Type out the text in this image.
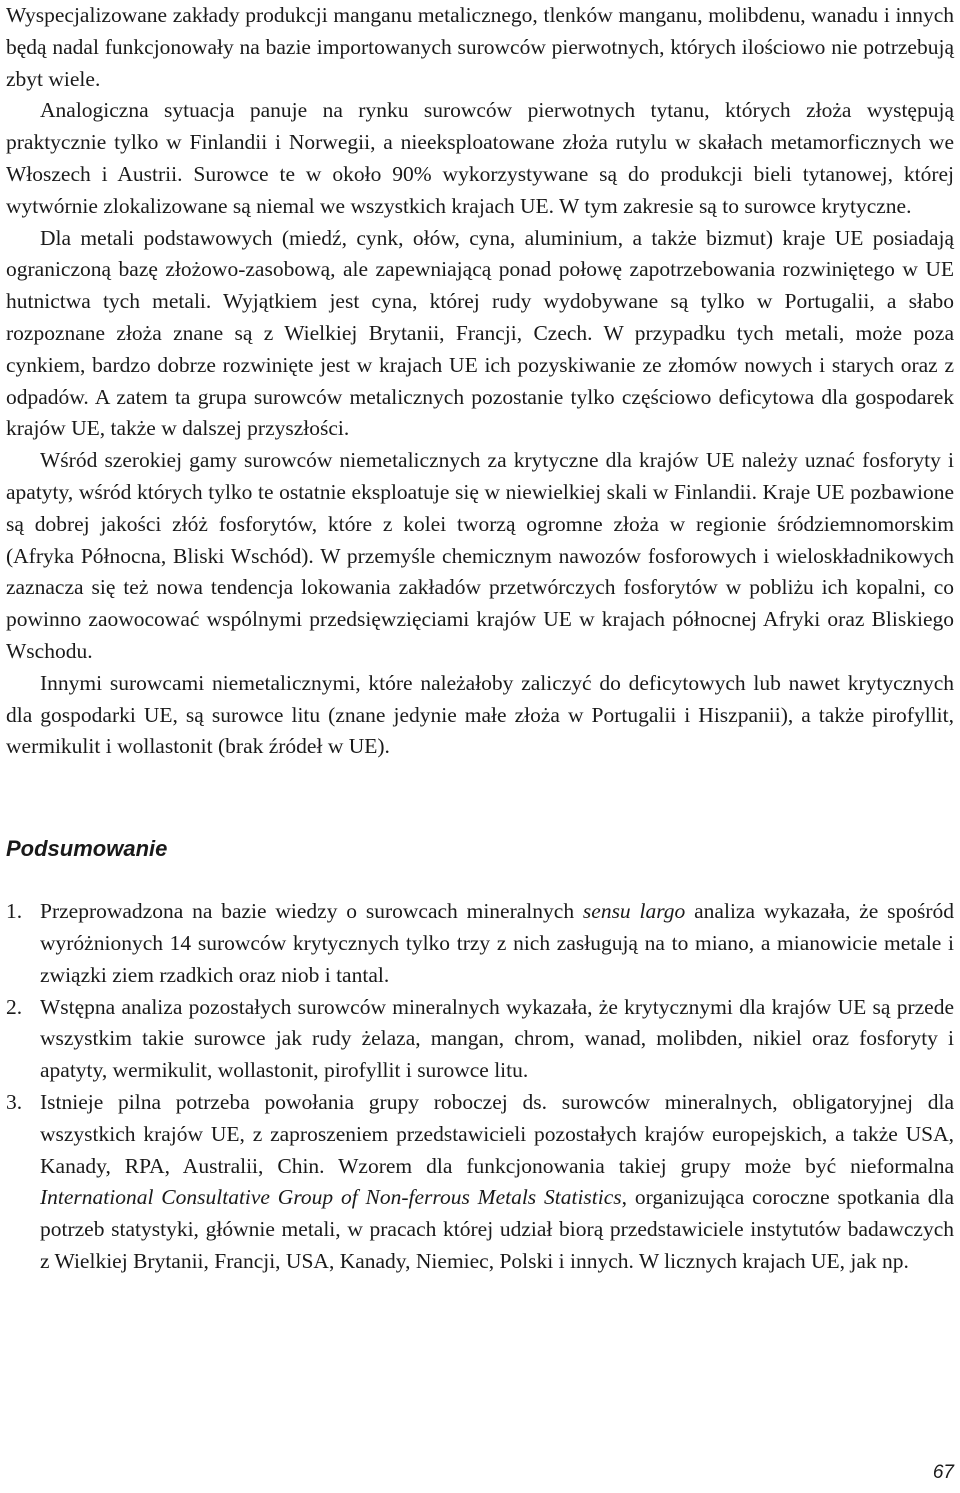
Wyspecjalizowane zakłady produkcji manganu metalicznego, tlenków manganu, molibdenu, wanadu i innych będą nadal funkcjonowały na bazie importowanych surowców pierwotnych, których ilościowo nie potrzebują zbyt wiele.

Analogiczna sytuacja panuje na rynku surowców pierwotnych tytanu, których złoża występują praktycznie tylko w Finlandii i Norwegii, a nieeksploatowane złoża rutylu w skałach metamorficznych we Włoszech i Austrii. Surowce te w około 90% wykorzystywane są do produkcji bieli tytanowej, której wytwórnie zlokalizowane są niemal we wszystkich krajach UE. W tym zakresie są to surowce krytyczne.

Dla metali podstawowych (miedź, cynk, ołów, cyna, aluminium, a także bizmut) kraje UE posiadają ograniczoną bazę złożowo-zasobową, ale zapewniającą ponad połowę zapotrzebowania rozwiniętego w UE hutnictwa tych metali. Wyjątkiem jest cyna, której rudy wydobywane są tylko w Portugalii, a słabo rozpoznane złoża znane są z Wielkiej Brytanii, Francji, Czech. W przypadku tych metali, może poza cynkiem, bardzo dobrze rozwinięte jest w krajach UE ich pozyskiwanie ze złomów nowych i starych oraz z odpadów. A zatem ta grupa surowców metalicznych pozostanie tylko częściowo deficytowa dla gospodarek krajów UE, także w dalszej przyszłości.

Wśród szerokiej gamy surowców niemetalicznych za krytyczne dla krajów UE należy uznać fosforyty i apatyty, wśród których tylko te ostatnie eksploatuje się w niewielkiej skali w Finlandii. Kraje UE pozbawione są dobrej jakości złóż fosforytów, które z kolei tworzą ogromne złoża w regionie śródziemnomorskim (Afryka Północna, Bliski Wschód). W przemyśle chemicznym nawozów fosforowych i wieloskładnikowych zaznacza się też nowa tendencja lokowania zakładów przetwórczych fosforytów w pobliżu ich kopalni, co powinno zaowocować wspólnymi przedsięwzięciami krajów UE w krajach północnej Afryki oraz Bliskiego Wschodu.

Innymi surowcami niemetalicznymi, które należałoby zaliczyć do deficytowych lub nawet krytycznych dla gospodarki UE, są surowce litu (znane jedynie małe złoża w Portugalii i Hiszpanii), a także pirofyllit, wermikulit i wollastonit (brak źródeł w UE).

Podsumowanie
1. Przeprowadzona na bazie wiedzy o surowcach mineralnych sensu largo analiza wykazała, że spośród wyróżnionych 14 surowców krytycznych tylko trzy z nich zasługują na to miano, a mianowicie metale i związki ziem rzadkich oraz niob i tantal.
2. Wstępna analiza pozostałych surowców mineralnych wykazała, że krytycznymi dla krajów UE są przede wszystkim takie surowce jak rudy żelaza, mangan, chrom, wanad, molibden, nikiel oraz fosforyty i apatyty, wermikulit, wollastonit, pirofyllit i surowce litu.
3. Istnieje pilna potrzeba powołania grupy roboczej ds. surowców mineralnych, obligatoryjnej dla wszystkich krajów UE, z zaproszeniem przedstawicieli pozostałych krajów europejskich, a także USA, Kanady, RPA, Australii, Chin. Wzorem dla funkcjonowania takiej grupy może być nieformalna International Consultative Group of Non-ferrous Metals Statistics, organizująca coroczne spotkania dla potrzeb statystyki, głównie metali, w pracach której udział biorą przedstawiciele instytutów badawczych z Wielkiej Brytanii, Francji, USA, Kanady, Niemiec, Polski i innych. W licznych krajach UE, jak np.
67
